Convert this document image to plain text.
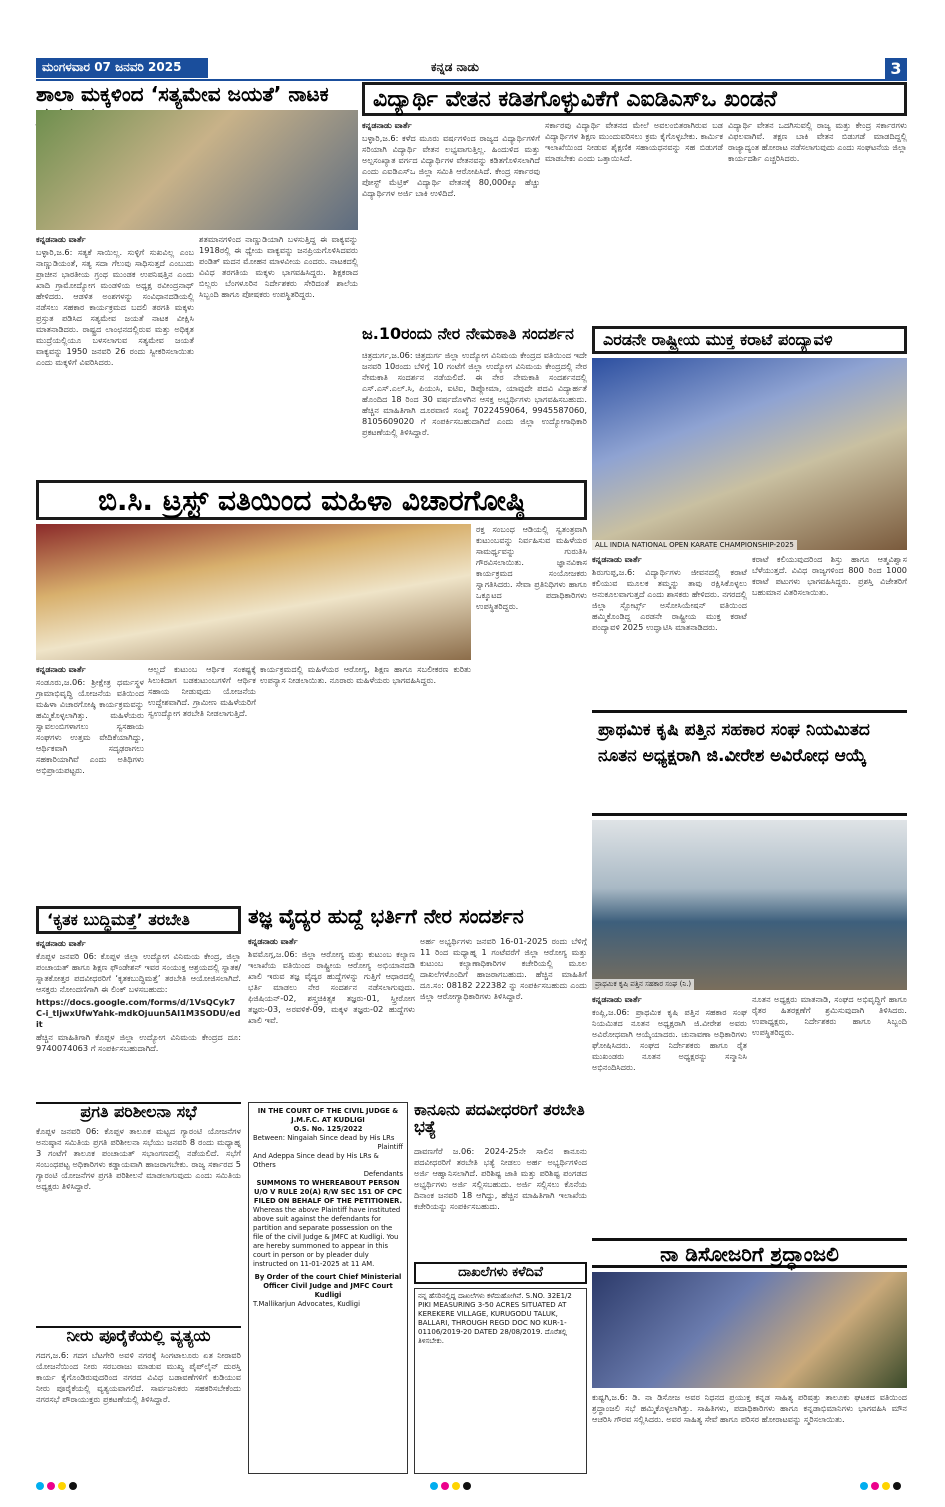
ಮಂಗಳವಾರ 07 ಜನವರಿ 2025	ಕನ್ನಡ ನಾಡು	3
ಶಾಲಾ ಮಕ್ಕಳಿಂದ ‘ಸತ್ಯಮೇವ ಜಯತೆ’ ನಾಟಕ

ಕನ್ನಡನಾಡು ವಾರ್ತೆ

ಬಳ್ಳಾರಿ,ಜ.6: ಸತ್ಯಕೆ ಸಾಯಿಲ್ಲ. ಸುಳ್ಳಿಗೆ ಸುಖವಿಲ್ಲ ಎಂಬ ನಾಣ್ಣುಡಿಯಂತೆ, ಸತ್ಯ ಸದಾ ಗೆಲುವು ಸಾಧಿಸುತ್ತದೆ ಎಂಬುದು ಪ್ರಾಚೀನ ಭಾರತೀಯ ಗ್ರಂಥ ಮುಂಡಕ ಉಪನಿಷತ್ತಿನ ಎಂದು ಖಾದಿ ಗ್ರಾಮೋದ್ಯೋಗ ಮಂಡಳಿಯ ಅಧ್ಯಕ್ಷ ರವೀಂದ್ರನಾಥ್ ಹೇಳಿದರು. ಆಡಳಿತ ಅಂಶಗಳನ್ನು ಸಂವಿಧಾನದಡಿಯಲ್ಲಿ ನಡೆಸಲು ಸಹಕಾರ ಕಾರ್ಯಕ್ರಮದ ಬದಲಿ ತರಗತಿ ಮಕ್ಕಳು ಪ್ರಸ್ತುತ ಪಡಿಸಿದ ಸತ್ಯಮೇವ ಜಯತೆ ನಾಟಕ ವೀಕ್ಷಿಸಿ ಮಾತನಾಡಿದರು. ರಾಷ್ಟ್ರದ ಲಾಂಛನದಲ್ಲಿರುವ ಮತ್ತು ಅಧಿಕೃತ ಮುದ್ರೆಯಲ್ಲಿಯೂ ಬಳಸಲಾಗುವ ಸತ್ಯಮೇವ ಜಯತೆ ವಾಕ್ಯವನ್ನು 1950 ಜನವರಿ 26 ರಂದು ಸ್ವೀಕರಿಸಲಾಯಿತು ಎಂದು ಮಕ್ಕಳಿಗೆ ವಿವರಿಸಿದರು.

ಶತಮಾನಗಳಿಂದ ನಾಣ್ಣುಡಿಯಾಗಿ ಬಳಸುತ್ತಿದ್ದ ಈ ವಾಕ್ಯವನ್ನು 1918ರಲ್ಲಿ ಈ ಧ್ಯೇಯ ವಾಕ್ಯವನ್ನು ಜನಪ್ರಿಯಗೊಳಿಸಿದವರು ಪಂಡಿತ್ ಮದನ ಮೋಹನ ಮಾಳವೀಯ ಎಂದರು. ನಾಟಕದಲ್ಲಿ ವಿವಿಧ ತರಗತಿಯ ಮಕ್ಕಳು ಭಾಗವಹಿಸಿದ್ದರು. ಶಿಕ್ಷಕರಾದ ಬಿಲ್ಲರು ಬೆಂಗಳೂರಿನ ನಿರ್ದೇಶಕರು ಸೇರಿದಂತೆ ಶಾಲೆಯ ಸಿಬ್ಬಂದಿ ಹಾಗೂ ಪೋಷಕರು ಉಪಸ್ಥಿತರಿದ್ದರು.

ವಿದ್ಯಾರ್ಥಿ ವೇತನ ಕಡಿತಗೊಳ್ಳುವಿಕೆಗೆ ಎಐಡಿಎಸ್‌ಒ ಖಂಡನೆ

ಕನ್ನಡನಾಡು ವಾರ್ತೆ

ಬಳ್ಳಾರಿ,ಜ.6: ಕಳೆದ ಮೂರು ವರ್ಷಗಳಿಂದ ರಾಜ್ಯದ ವಿದ್ಯಾರ್ಥಿಗಳಿಗೆ ಸರಿಯಾಗಿ ವಿದ್ಯಾರ್ಥಿ ವೇತನ ಲಭ್ಯವಾಗುತ್ತಿಲ್ಲ. ಹಿಂದುಳಿದ ಮತ್ತು ಅಲ್ಪಸಂಖ್ಯಾತ ವರ್ಗದ ವಿದ್ಯಾರ್ಥಿಗಳ ವೇತನವನ್ನು ಕಡಿತಗೊಳಿಸಲಾಗಿದೆ ಎಂದು ಎಐಡಿಎಸ್‌ಒ ಜಿಲ್ಲಾ ಸಮಿತಿ ಆರೋಪಿಸಿದೆ. ಕೇಂದ್ರ ಸರ್ಕಾರವು ಪೋಸ್ಟ್ ಮೆಟ್ರಿಕ್ ವಿದ್ಯಾರ್ಥಿ ವೇತನಕ್ಕೆ 80,000ಕ್ಕೂ ಹೆಚ್ಚು ವಿದ್ಯಾರ್ಥಿಗಳ ಅರ್ಜಿ ಬಾಕಿ ಉಳಿದಿದೆ.

ಸರ್ಕಾರವು ವಿದ್ಯಾರ್ಥಿ ವೇತನದ ಮೇಲೆ ಅವಲಂಬಿತರಾಗಿರುವ ಬಡ ವಿದ್ಯಾರ್ಥಿಗಳ ಶಿಕ್ಷಣ ಮುಂದುವರಿಸಲು ಕ್ರಮ ಕೈಗೊಳ್ಳಬೇಕು. ಕಾರ್ಮಿಕ ಇಲಾಖೆಯಿಂದ ನೀಡುವ ಶೈಕ್ಷಣಿಕ ಸಹಾಯಧನವನ್ನು ಸಹ ಬಿಡುಗಡೆ ಮಾಡಬೇಕು ಎಂದು ಒತ್ತಾಯಿಸಿದೆ.

ವಿದ್ಯಾರ್ಥಿ ವೇತನ ಒದಗಿಸುವಲ್ಲಿ ರಾಜ್ಯ ಮತ್ತು ಕೇಂದ್ರ ಸರ್ಕಾರಗಳು ವಿಫಲವಾಗಿವೆ. ತಕ್ಷಣ ಬಾಕಿ ವೇತನ ಬಿಡುಗಡೆ ಮಾಡದಿದ್ದಲ್ಲಿ ರಾಜ್ಯಾದ್ಯಂತ ಹೋರಾಟ ನಡೆಸಲಾಗುವುದು ಎಂದು ಸಂಘಟನೆಯ ಜಿಲ್ಲಾ ಕಾರ್ಯದರ್ಶಿ ಎಚ್ಚರಿಸಿದರು.

ಜ.10ರಂದು ನೇರ ನೇಮಕಾತಿ ಸಂದರ್ಶನ
ಚಿತ್ರದುರ್ಗ,ಜ.06: ಚಿತ್ರದುರ್ಗ ಜಿಲ್ಲಾ ಉದ್ಯೋಗ ವಿನಿಮಯ ಕೇಂದ್ರದ ವತಿಯಿಂದ ಇದೇ ಜನವರಿ 10ರಂದು ಬೆಳಿಗ್ಗೆ 10 ಗಂಟೆಗೆ ಜಿಲ್ಲಾ ಉದ್ಯೋಗ ವಿನಿಮಯ ಕೇಂದ್ರದಲ್ಲಿ ನೇರ ನೇಮಕಾತಿ ಸಂದರ್ಶನ ನಡೆಯಲಿದೆ. ಈ ನೇರ ನೇಮಕಾತಿ ಸಂದರ್ಶನದಲ್ಲಿ ಎಸ್.ಎಸ್.ಎಲ್.ಸಿ, ಪಿಯುಸಿ, ಐಟಿಐ, ಡಿಪ್ಲೋಮಾ, ಯಾವುದೇ ಪದವಿ ವಿದ್ಯಾರ್ಹತೆ ಹೊಂದಿದ 18 ರಿಂದ 30 ವರ್ಷದೊಳಗಿನ ಆಸಕ್ತ ಅಭ್ಯರ್ಥಿಗಳು ಭಾಗವಹಿಸಬಹುದು. ಹೆಚ್ಚಿನ ಮಾಹಿತಿಗಾಗಿ ದೂರವಾಣಿ ಸಂಖ್ಯೆ 7022459064, 9945587060, 8105609020 ಗೆ ಸಂಪರ್ಕಿಸಬಹುದಾಗಿದೆ ಎಂದು ಜಿಲ್ಲಾ ಉದ್ಯೋಗಾಧಿಕಾರಿ ಪ್ರಕಟಣೆಯಲ್ಲಿ ತಿಳಿಸಿದ್ದಾರೆ.
ಎರಡನೇ ರಾಷ್ಟ್ರೀಯ ಮುಕ್ತ ಕರಾಟೆ ಪಂದ್ಯಾವಳಿ
ALL INDIA NATIONAL OPEN KARATE CHAMPIONSHIP-2025

ಕನ್ನಡನಾಡು ವಾರ್ತೆ

ಶಿರುಗುಪ್ಪ,ಜ.6: ವಿದ್ಯಾರ್ಥಿಗಳು ಜೀವನದಲ್ಲಿ ಕರಾಟೆ ಕಲಿಯುವ ಮೂಲಕ ತಮ್ಮನ್ನು ತಾವು ರಕ್ಷಿಸಿಕೊಳ್ಳಲು ಅನುಕೂಲವಾಗುತ್ತದೆ ಎಂದು ಶಾಸಕರು ಹೇಳಿದರು. ನಗರದಲ್ಲಿ ಜಿಲ್ಲಾ ಸ್ಪೋರ್ಟ್ಸ್ ಅಸೋಸಿಯೇಷನ್ ವತಿಯಿಂದ ಹಮ್ಮಿಕೊಂಡಿದ್ದ ಎರಡನೇ ರಾಷ್ಟ್ರೀಯ ಮುಕ್ತ ಕರಾಟೆ ಪಂದ್ಯಾವಳಿ 2025 ಉದ್ಘಾಟಿಸಿ ಮಾತನಾಡಿದರು.

ಕರಾಟೆ ಕಲಿಯುವುದರಿಂದ ಶಿಸ್ತು ಹಾಗೂ ಆತ್ಮವಿಶ್ವಾಸ ಬೆಳೆಯುತ್ತದೆ. ವಿವಿಧ ರಾಜ್ಯಗಳಿಂದ 800 ರಿಂದ 1000 ಕರಾಟೆ ಪಟುಗಳು ಭಾಗವಹಿಸಿದ್ದರು. ಪ್ರಶಸ್ತಿ ವಿಜೇತರಿಗೆ ಬಹುಮಾನ ವಿತರಿಸಲಾಯಿತು.

ಬಿ.ಸಿ. ಟ್ರಸ್ಟ್ ವತಿಯಿಂದ ಮಹಿಳಾ ವಿಚಾರಗೋಷ್ಠಿ

ಕನ್ನಡನಾಡು ವಾರ್ತೆ

ಸಂಡೂರು,ಜ.06: ಶ್ರೀಕ್ಷೇತ್ರ ಧರ್ಮಸ್ಥಳ ಗ್ರಾಮಾಭಿವೃದ್ಧಿ ಯೋಜನೆಯ ವತಿಯಿಂದ ಮಹಿಳಾ ವಿಚಾರಗೋಷ್ಠಿ ಕಾರ್ಯಕ್ರಮವನ್ನು ಹಮ್ಮಿಕೊಳ್ಳಲಾಗಿತ್ತು. ಮಹಿಳೆಯರು ಸ್ವಾವಲಂಬಿಗಳಾಗಲು ಸ್ವಸಹಾಯ ಸಂಘಗಳು ಉತ್ತಮ ವೇದಿಕೆಯಾಗಿದ್ದು, ಆರ್ಥಿಕವಾಗಿ ಸದೃಢರಾಗಲು ಸಹಕಾರಿಯಾಗಿವೆ ಎಂದು ಅತಿಥಿಗಳು ಅಭಿಪ್ರಾಯಪಟ್ಟರು.

ಆಲ್ಲದೆ ಕುಟುಂಬ ಆರ್ಥಿಕ ಸಂಕಷ್ಟಕ್ಕೆ ಸಿಲುಕಿದಾಗ ಬಡಕುಟುಂಬಗಳಿಗೆ ಆರ್ಥಿಕ ಸಹಾಯ ನೀಡುವುದು ಯೋಜನೆಯ ಉದ್ದೇಶವಾಗಿದೆ. ಗ್ರಾಮೀಣ ಮಹಿಳೆಯರಿಗೆ ಸ್ವಉದ್ಯೋಗ ತರಬೇತಿ ನೀಡಲಾಗುತ್ತಿದೆ.

ಕಾರ್ಯಕ್ರಮದಲ್ಲಿ ಮಹಿಳೆಯರ ಆರೋಗ್ಯ, ಶಿಕ್ಷಣ ಹಾಗೂ ಸಬಲೀಕರಣ ಕುರಿತು ಉಪನ್ಯಾಸ ನೀಡಲಾಯಿತು. ನೂರಾರು ಮಹಿಳೆಯರು ಭಾಗವಹಿಸಿದ್ದರು.

ರಕ್ತ ಸಂಬಂಧ ಆಡಿಯಲ್ಲಿ ಸ್ವತಂತ್ರವಾಗಿ ಕುಟುಂಬವನ್ನು ನಿರ್ವಹಿಸುವ ಮಹಿಳೆಯರ ಸಾಮರ್ಥ್ಯವನ್ನು ಗುರುತಿಸಿ ಗೌರವಿಸಲಾಯಿತು. ಜ್ಞಾನವಿಕಾಸ ಕಾರ್ಯಕ್ರಮದ ಸಂಯೋಜಕರು ಸ್ವಾಗತಿಸಿದರು. ಸೇವಾ ಪ್ರತಿನಿಧಿಗಳು ಹಾಗೂ ಒಕ್ಕೂಟದ ಪದಾಧಿಕಾರಿಗಳು ಉಪಸ್ಥಿತರಿದ್ದರು.

ಪ್ರಾಥಮಿಕ ಕೃಷಿ ಪತ್ತಿನ ಸಹಕಾರ ಸಂಘ ನಿಯಮಿತದ ನೂತನ ಅಧ್ಯಕ್ಷರಾಗಿ ಜಿ.ವೀರೇಶ ಅವಿರೋಧ ಆಯ್ಕೆ
ಪ್ರಾಥಮಿಕ ಕೃಷಿ ಪತ್ತಿನ ಸಹಕಾರ ಸಂಘ (ನಿ.)

ಕನ್ನಡನಾಡು ವಾರ್ತೆ

ಕಂಪ್ಲಿ,ಜ.06: ಪ್ರಾಥಮಿಕ ಕೃಷಿ ಪತ್ತಿನ ಸಹಕಾರ ಸಂಘ ನಿಯಮಿತದ ನೂತನ ಅಧ್ಯಕ್ಷರಾಗಿ ಜಿ.ವೀರೇಶ ಅವರು ಅವಿರೋಧವಾಗಿ ಆಯ್ಕೆಯಾದರು. ಚುನಾವಣಾ ಅಧಿಕಾರಿಗಳು ಘೋಷಿಸಿದರು. ಸಂಘದ ನಿರ್ದೇಶಕರು ಹಾಗೂ ರೈತ ಮುಖಂಡರು ನೂತನ ಅಧ್ಯಕ್ಷರನ್ನು ಸನ್ಮಾನಿಸಿ ಅಭಿನಂದಿಸಿದರು.

ನೂತನ ಅಧ್ಯಕ್ಷರು ಮಾತನಾಡಿ, ಸಂಘದ ಅಭಿವೃದ್ಧಿಗೆ ಹಾಗೂ ರೈತರ ಹಿತರಕ್ಷಣೆಗೆ ಶ್ರಮಿಸುವುದಾಗಿ ತಿಳಿಸಿದರು. ಉಪಾಧ್ಯಕ್ಷರು, ನಿರ್ದೇಶಕರು ಹಾಗೂ ಸಿಬ್ಬಂದಿ ಉಪಸ್ಥಿತರಿದ್ದರು.

‘ಕೃತಕ ಬುದ್ಧಿಮತ್ತೆ’ ತರಬೇತಿ

ಕನ್ನಡನಾಡು ವಾರ್ತೆ

ಕೊಪ್ಪಳ ಜನವರಿ 06: ಕೊಪ್ಪಳ ಜಿಲ್ಲಾ ಉದ್ಯೋಗ ವಿನಿಮಯ ಕೇಂದ್ರ, ಜಿಲ್ಲಾ ಪಂಚಾಯತ್ ಹಾಗೂ ಶಿಕ್ಷಣ ಫೌಂಡೇಶನ್ ಇವರ ಸಂಯುಕ್ತ ಆಶ್ರಯದಲ್ಲಿ ಸ್ನಾತಕ/ಸ್ನಾತಕೋತ್ತರ ಪದವೀಧರರಿಗೆ ‘ಕೃತಕಬುದ್ಧಿಮತ್ತೆ’ ತರಬೇತಿ ಆಯೋಜಿಸಲಾಗಿದೆ. ಆಸಕ್ತರು ನೋಂದಣಿಗಾಗಿ ಈ ಲಿಂಕ್ ಬಳಸಬಹುದು:

https://docs.google.com/forms/d/1VsQCyk7C-i_tljwxUfwYahk-mdkOjuun5AI1M3SODU/edit

ಹೆಚ್ಚಿನ ಮಾಹಿತಿಗಾಗಿ ಕೊಪ್ಪಳ ಜಿಲ್ಲಾ ಉದ್ಯೋಗ ವಿನಿಮಯ ಕೇಂದ್ರದ ದೂ: 9740074063 ಗೆ ಸಂಪರ್ಕಿಸಬಹುದಾಗಿದೆ.

ಪ್ರಗತಿ ಪರಿಶೀಲನಾ ಸಭೆ
ಕೊಪ್ಪಳ ಜನವರಿ 06: ಕೊಪ್ಪಳ ತಾಲೂಕ ಮಟ್ಟದ ಗ್ಯಾರಂಟಿ ಯೋಜನೆಗಳ ಅನುಷ್ಠಾನ ಸಮಿತಿಯ ಪ್ರಗತಿ ಪರಿಶೀಲನಾ ಸಭೆಯು ಜನವರಿ 8 ರಂದು ಮಧ್ಯಾಹ್ನ 3 ಗಂಟೆಗೆ ತಾಲೂಕ ಪಂಚಾಯತ್ ಸಭಾಂಗಣದಲ್ಲಿ ನಡೆಯಲಿದೆ. ಸಭೆಗೆ ಸಂಬಂಧಪಟ್ಟ ಅಧಿಕಾರಿಗಳು ಕಡ್ಡಾಯವಾಗಿ ಹಾಜರಾಗಬೇಕು. ರಾಜ್ಯ ಸರ್ಕಾರದ 5 ಗ್ಯಾರಂಟಿ ಯೋಜನೆಗಳ ಪ್ರಗತಿ ಪರಿಶೀಲನೆ ಮಾಡಲಾಗುವುದು ಎಂದು ಸಮಿತಿಯ ಅಧ್ಯಕ್ಷರು ತಿಳಿಸಿದ್ದಾರೆ.
ನೀರು ಪೂರೈಕೆಯಲ್ಲಿ ವ್ಯತ್ಯಯ
ಗದಗ,ಜ.6: ಗದಗ ಬೆಟಗೇರಿ ಅವಳಿ ನಗರಕ್ಕೆ ಸಿಂಗಟಾಲೂರು ಏತ ನೀರಾವರಿ ಯೋಜನೆಯಿಂದ ನೀರು ಸರಬರಾಜು ಮಾಡುವ ಮುಖ್ಯ ಪೈಪ್‌ಲೈನ್ ದುರಸ್ತಿ ಕಾರ್ಯ ಕೈಗೊಂಡಿರುವುದರಿಂದ ನಗರದ ವಿವಿಧ ಬಡಾವಣೆಗಳಿಗೆ ಕುಡಿಯುವ ನೀರು ಪೂರೈಕೆಯಲ್ಲಿ ವ್ಯತ್ಯಯವಾಗಲಿದೆ. ಸಾರ್ವಜನಿಕರು ಸಹಕರಿಸಬೇಕೆಂದು ನಗರಸಭೆ ಪೌರಾಯುಕ್ತರು ಪ್ರಕಟಣೆಯಲ್ಲಿ ತಿಳಿಸಿದ್ದಾರೆ.
ತಜ್ಞ ವೈದ್ಯರ ಹುದ್ದೆ ಭರ್ತಿಗೆ ನೇರ ಸಂದರ್ಶನ

ಕನ್ನಡನಾಡು ವಾರ್ತೆ

ಶಿವಮೊಗ್ಗ,ಜ.06: ಜಿಲ್ಲಾ ಆರೋಗ್ಯ ಮತ್ತು ಕುಟುಂಬ ಕಲ್ಯಾಣ ಇಲಾಖೆಯ ವತಿಯಿಂದ ರಾಷ್ಟ್ರೀಯ ಆರೋಗ್ಯ ಅಭಿಯಾನದಡಿ ಖಾಲಿ ಇರುವ ತಜ್ಞ ವೈದ್ಯರ ಹುದ್ದೆಗಳನ್ನು ಗುತ್ತಿಗೆ ಆಧಾರದಲ್ಲಿ ಭರ್ತಿ ಮಾಡಲು ನೇರ ಸಂದರ್ಶನ ನಡೆಸಲಾಗುವುದು. ಫಿಜಿಷಿಯನ್-02, ಶಸ್ತ್ರಚಿಕಿತ್ಸಕ ತಜ್ಞರು-01, ಸ್ತ್ರೀರೋಗ ತಜ್ಞರು-03, ಅರವಳಿಕೆ-09, ಮಕ್ಕಳ ತಜ್ಞರು-02 ಹುದ್ದೆಗಳು ಖಾಲಿ ಇವೆ.

ಅರ್ಹ ಅಭ್ಯರ್ಥಿಗಳು ಜನವರಿ 16-01-2025 ರಂದು ಬೆಳಿಗ್ಗೆ 11 ರಿಂದ ಮಧ್ಯಾಹ್ನ 1 ಗಂಟೆವರೆಗೆ ಜಿಲ್ಲಾ ಆರೋಗ್ಯ ಮತ್ತು ಕುಟುಂಬ ಕಲ್ಯಾಣಾಧಿಕಾರಿಗಳ ಕಚೇರಿಯಲ್ಲಿ ಮೂಲ ದಾಖಲೆಗಳೊಂದಿಗೆ ಹಾಜರಾಗಬಹುದು. ಹೆಚ್ಚಿನ ಮಾಹಿತಿಗೆ ದೂ.ಸಂ: 08182 222382 ನ್ನು ಸಂಪರ್ಕಿಸಬಹುದು ಎಂದು ಜಿಲ್ಲಾ ಆರೋಗ್ಯಾಧಿಕಾರಿಗಳು ತಿಳಿಸಿದ್ದಾರೆ.

IN THE COURT OF THE CIVIL JUDGE & J.M.F.C. AT KUDLIGI
O.S. No. 125/2022
Between: Ningaiah Since dead by His LRs
Plaintiff
And Adeppa Since dead by His LRs & Others
Defendants
SUMMONS TO WHEREABOUT PERSON U/O V RULE 20(A) R/W SEC 151 OF CPC FILED ON BEHALF OF THE PETITIONER.
Whereas the above Plaintiff have instituted above suit against the defendants for partition and separate possession on the file of the civil Judge & JMFC at Kudligi. You are hereby summoned to appear in this court in person or by pleader duly instructed on 11-01-2025 at 11 AM.
By Order of the court Chief Ministerial Officer Civil Judge and JMFC Court Kudligi
T.Mallikarjun Advocates, Kudligi
ಕಾನೂನು ಪದವೀಧರರಿಗೆ ತರಬೇತಿ ಭತ್ಯೆ
ದಾವಣಗೆರೆ ಜ.06: 2024-25ನೇ ಸಾಲಿನ ಕಾನೂನು ಪದವೀಧರರಿಗೆ ತರಬೇತಿ ಭತ್ಯೆ ನೀಡಲು ಅರ್ಹ ಅಭ್ಯರ್ಥಿಗಳಿಂದ ಅರ್ಜಿ ಆಹ್ವಾನಿಸಲಾಗಿದೆ. ಪರಿಶಿಷ್ಟ ಜಾತಿ ಮತ್ತು ಪರಿಶಿಷ್ಟ ಪಂಗಡದ ಅಭ್ಯರ್ಥಿಗಳು ಅರ್ಜಿ ಸಲ್ಲಿಸಬಹುದು. ಅರ್ಜಿ ಸಲ್ಲಿಸಲು ಕೊನೆಯ ದಿನಾಂಕ ಜನವರಿ 18 ಆಗಿದ್ದು, ಹೆಚ್ಚಿನ ಮಾಹಿತಿಗಾಗಿ ಇಲಾಖೆಯ ಕಚೇರಿಯನ್ನು ಸಂಪರ್ಕಿಸಬಹುದು.
ದಾಖಲೆಗಳು ಕಳೆದಿವೆ
ನನ್ನ ಹೆಸರಿನಲ್ಲಿದ್ದ ದಾಖಲೆಗಳು ಕಳೆದುಹೋಗಿವೆ. S.NO. 32E1/2 PIKI MEASURING 3-50 ACRES SITUATED AT KEREKERE VILLAGE, KURUGODU TALUK, BALLARI, THROUGH REGD DOC NO KUR-1-01106/2019-20 DATED 28/08/2019. ದೊರೆತಲ್ಲಿ ತಿಳಿಸಬೇಕು.
ನಾ ಡಿಸೋಜರಿಗೆ ಶ್ರದ್ಧಾಂಜಲಿ
ಕುಷ್ಟಗಿ,ಜ.6: ಡಿ. ನಾ ಡಿಸೋಜ ಅವರ ನಿಧನದ ಪ್ರಯುಕ್ತ ಕನ್ನಡ ಸಾಹಿತ್ಯ ಪರಿಷತ್ತು ತಾಲೂಕು ಘಟಕದ ವತಿಯಿಂದ ಶ್ರದ್ಧಾಂಜಲಿ ಸಭೆ ಹಮ್ಮಿಕೊಳ್ಳಲಾಗಿತ್ತು. ಸಾಹಿತಿಗಳು, ಪದಾಧಿಕಾರಿಗಳು ಹಾಗೂ ಕನ್ನಡಾಭಿಮಾನಿಗಳು ಭಾಗವಹಿಸಿ ಮೌನ ಆಚರಿಸಿ ಗೌರವ ಸಲ್ಲಿಸಿದರು. ಅವರ ಸಾಹಿತ್ಯ ಸೇವೆ ಹಾಗೂ ಪರಿಸರ ಹೋರಾಟವನ್ನು ಸ್ಮರಿಸಲಾಯಿತು.
